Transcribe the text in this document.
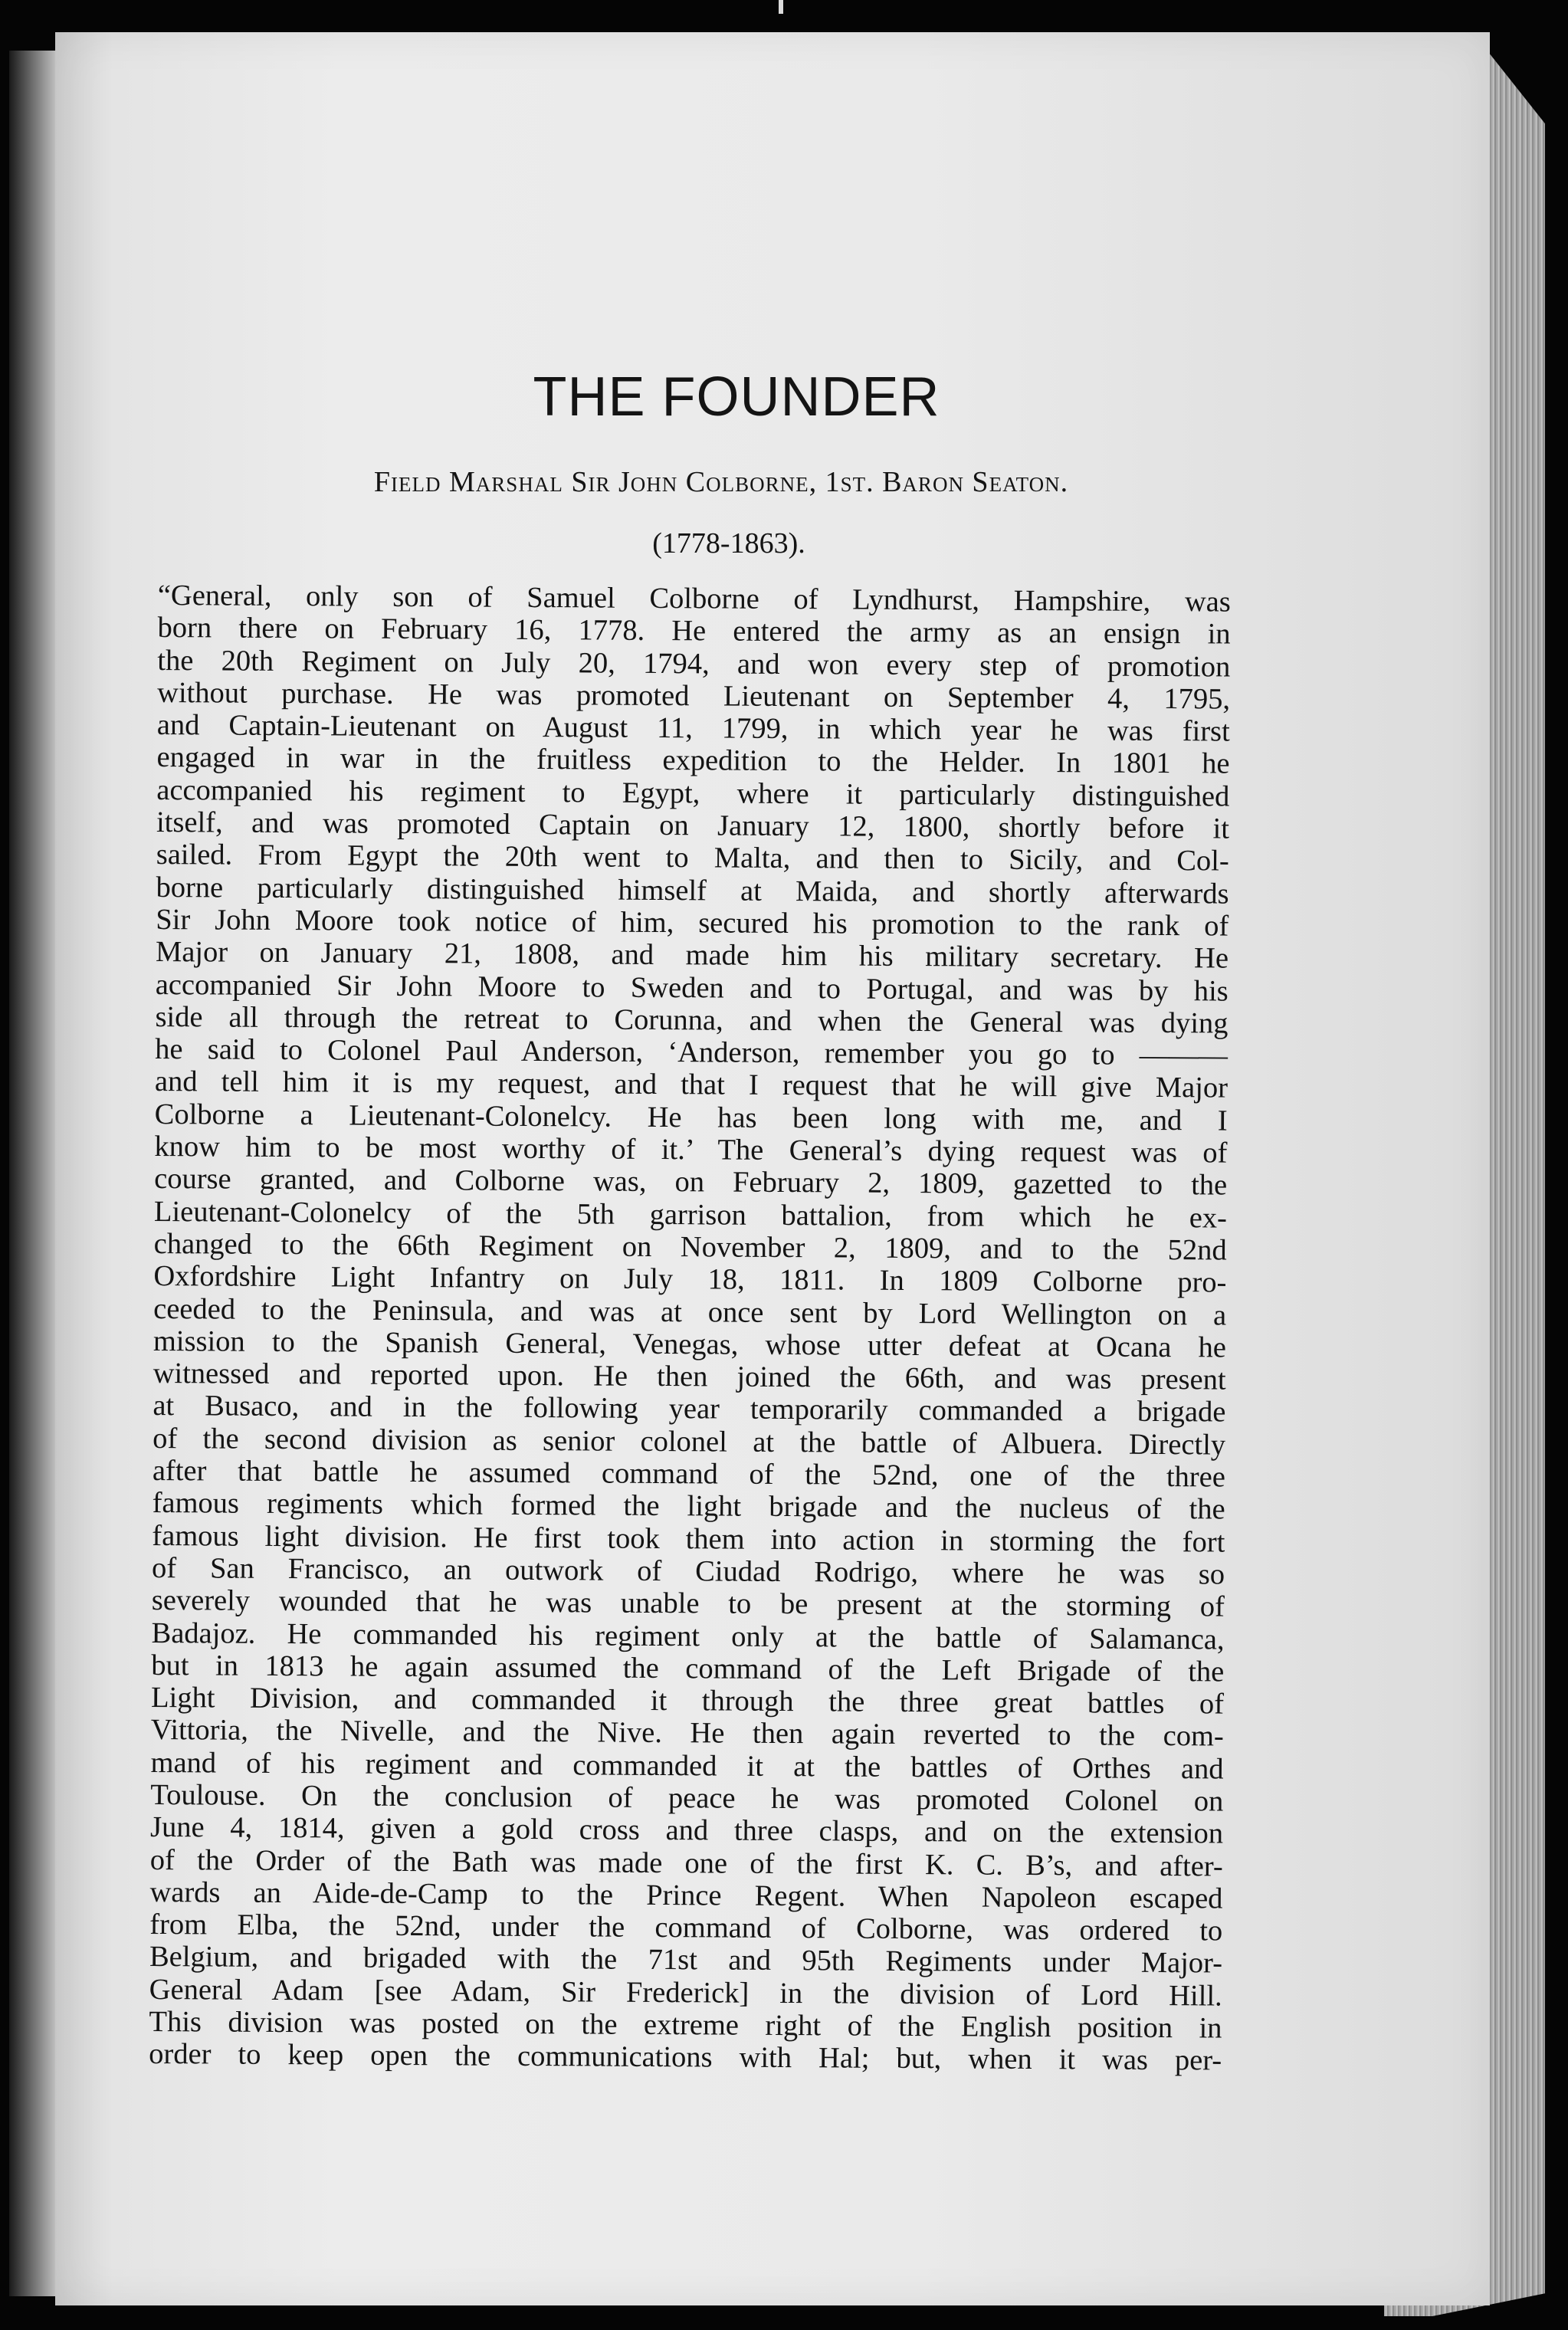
THE FOUNDER

Field Marshal Sir John Colborne, 1st. Baron Seaton.

(1778-1863).

“General, only son of Samuel Colborne of Lyndhurst, Hampshire, was
born there on February 16, 1778. He entered the army as an ensign in
the 20th Regiment on July 20, 1794, and won every step of promotion
without purchase. He was promoted Lieutenant on September 4, 1795,
and Captain-Lieutenant on August 11, 1799, in which year he was first
engaged in war in the fruitless expedition to the Helder. In 1801 he
accompanied his regiment to Egypt, where it particularly distinguished
itself, and was promoted Captain on January 12, 1800, shortly before it
sailed. From Egypt the 20th went to Malta, and then to Sicily, and Col-
borne particularly distinguished himself at Maida, and shortly afterwards
Sir John Moore took notice of him, secured his promotion to the rank of
Major on January 21, 1808, and made him his military secretary. He
accompanied Sir John Moore to Sweden and to Portugal, and was by his
side all through the retreat to Corunna, and when the General was dying
he said to Colonel Paul Anderson, ‘Anderson, remember you go to ———
and tell him it is my request, and that I request that he will give Major
Colborne a Lieutenant-Colonelcy. He has been long with me, and I
know him to be most worthy of it.’ The General’s dying request was of
course granted, and Colborne was, on February 2, 1809, gazetted to the
Lieutenant-Colonelcy of the 5th garrison battalion, from which he ex-
changed to the 66th Regiment on November 2, 1809, and to the 52nd
Oxfordshire Light Infantry on July 18, 1811. In 1809 Colborne pro-
ceeded to the Peninsula, and was at once sent by Lord Wellington on a
mission to the Spanish General, Venegas, whose utter defeat at Ocana he
witnessed and reported upon. He then joined the 66th, and was present
at Busaco, and in the following year temporarily commanded a brigade
of the second division as senior colonel at the battle of Albuera. Directly
after that battle he assumed command of the 52nd, one of the three
famous regiments which formed the light brigade and the nucleus of the
famous light division. He first took them into action in storming the fort
of San Francisco, an outwork of Ciudad Rodrigo, where he was so
severely wounded that he was unable to be present at the storming of
Badajoz. He commanded his regiment only at the battle of Salamanca,
but in 1813 he again assumed the command of the Left Brigade of the
Light Division, and commanded it through the three great battles of
Vittoria, the Nivelle, and the Nive. He then again reverted to the com-
mand of his regiment and commanded it at the battles of Orthes and
Toulouse. On the conclusion of peace he was promoted Colonel on
June 4, 1814, given a gold cross and three clasps, and on the extension
of the Order of the Bath was made one of the first K. C. B’s, and after-
wards an Aide-de-Camp to the Prince Regent. When Napoleon escaped
from Elba, the 52nd, under the command of Colborne, was ordered to
Belgium, and brigaded with the 71st and 95th Regiments under Major-
General Adam [see Adam, Sir Frederick] in the division of Lord Hill.
This division was posted on the extreme right of the English position in
order to keep open the communications with Hal; but, when it was per-
